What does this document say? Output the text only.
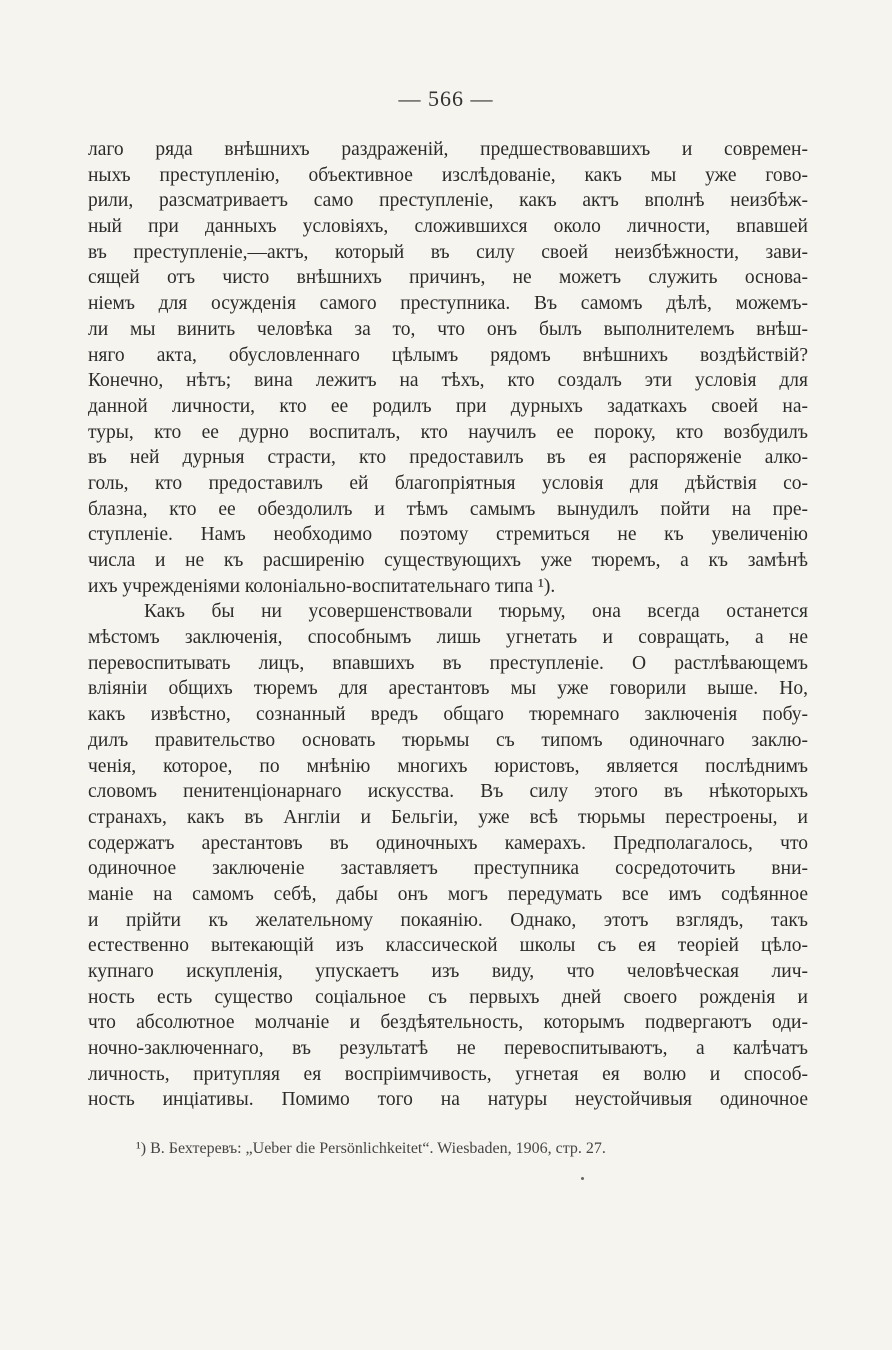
— 566 —
лаго ряда внѣшнихъ раздраженій, предшествовавшихъ и современ-
ныхъ преступленію, объективное изслѣдованіе, какъ мы уже гово-
рили, разсматриваетъ само преступленіе, какъ актъ вполнѣ неизбѣж-
ный при данныхъ условіяхъ, сложившихся около личности, впавшей
въ преступленіе,—актъ, который въ силу своей неизбѣжности, зави-
сящей отъ чисто внѣшнихъ причинъ, не можетъ служить основа-
ніемъ для осужденія самого преступника. Въ самомъ дѣлѣ, можемъ-
ли мы винить человѣка за то, что онъ былъ выполнителемъ внѣш-
няго акта, обусловленнаго цѣлымъ рядомъ внѣшнихъ воздѣйствій?
Конечно, нѣтъ; вина лежитъ на тѣхъ, кто создалъ эти условія для
данной личности, кто ее родилъ при дурныхъ задаткахъ своей на-
туры, кто ее дурно воспиталъ, кто научилъ ее пороку, кто возбудилъ
въ ней дурныя страсти, кто предоставилъ въ ея распоряженіе алко-
голь, кто предоставилъ ей благопріятныя условія для дѣйствія со-
блазна, кто ее обездолилъ и тѣмъ самымъ вынудилъ пойти на пре-
ступленіе. Намъ необходимо поэтому стремиться не къ увеличенію
числа и не къ расширенію существующихъ уже тюремъ, а къ замѣнѣ
ихъ учрежденіями колоніально-воспитательнаго типа ¹).
Какъ бы ни усовершенствовали тюрьму, она всегда останется
мѣстомъ заключенія, способнымъ лишь угнетать и совращать, а не
перевоспитывать лицъ, впавшихъ въ преступленіе. О растлѣвающемъ
вліяніи общихъ тюремъ для арестантовъ мы уже говорили выше. Но,
какъ извѣстно, сознанный вредъ общаго тюремнаго заключенія побу-
дилъ правительство основать тюрьмы съ типомъ одиночнаго заклю-
ченія, которое, по мнѣнію многихъ юристовъ, является послѣднимъ
словомъ пенитенціонарнаго искусства. Въ силу этого въ нѣкоторыхъ
странахъ, какъ въ Англіи и Бельгіи, уже всѣ тюрьмы перестроены, и
содержатъ арестантовъ въ одиночныхъ камерахъ. Предполагалось, что
одиночное заключеніе заставляетъ преступника сосредоточить вни-
маніе на самомъ себѣ, дабы онъ могъ передумать все имъ содѣянное
и прійти къ желательному покаянію. Однако, этотъ взглядъ, такъ
естественно вытекающій изъ классической школы съ ея теоріей цѣло-
купнаго искупленія, упускаетъ изъ виду, что человѣческая лич-
ность есть существо соціальное съ первыхъ дней своего рожденія и
что абсолютное молчаніе и бездѣятельность, которымъ подвергаютъ оди-
ночно-заключеннаго, въ результатѣ не перевоспитываютъ, а калѣчатъ
личность, притупляя ея воспріимчивость, угнетая ея волю и способ-
ность инціативы. Помимо того на натуры неустойчивыя одиночное
¹) В. Бехтеревъ: „Ueber die Persönlichkeitet“. Wiesbaden, 1906, стр. 27.
